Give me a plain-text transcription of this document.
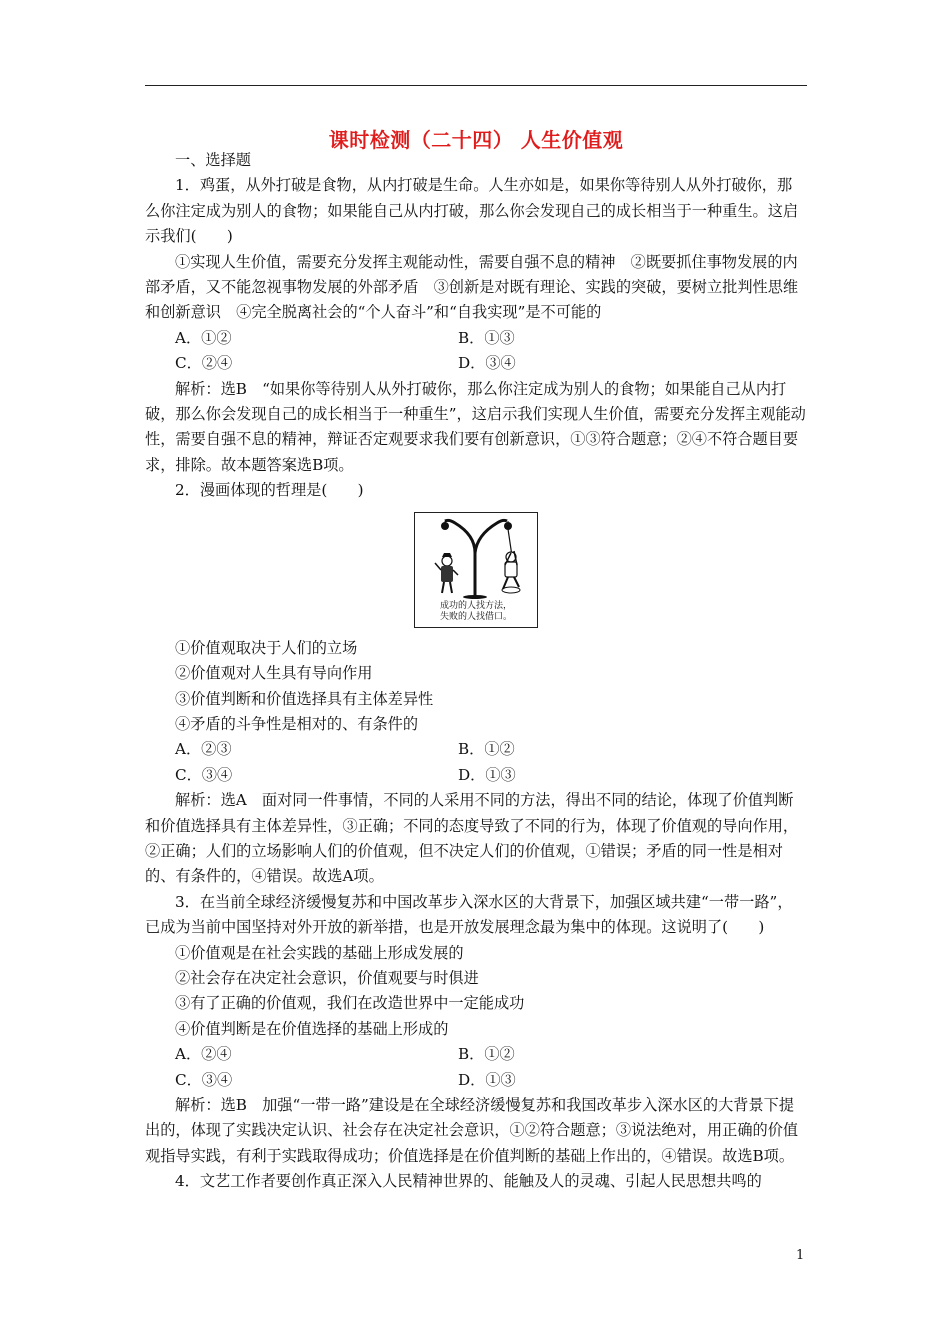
课时检测（二十四） 人生价值观

一、选择题

1．鸡蛋，从外打破是食物，从内打破是生命。人生亦如是，如果你等待别人从外打破你，那么你注定成为别人的食物；如果能自己从内打破，那么你会发现自己的成长相当于一种重生。这启示我们(　　)

①实现人生价值，需要充分发挥主观能动性，需要自强不息的精神　②既要抓住事物发展的内部矛盾，又不能忽视事物发展的外部矛盾　③创新是对既有理论、实践的突破，要树立批判性思维和创新意识　④完全脱离社会的“个人奋斗”和“自我实现”是不可能的

A．①②	B．①③
C．②④	D．③④

解析：选B　“如果你等待别人从外打破你，那么你注定成为别人的食物；如果能自己从内打破，那么你会发现自己的成长相当于一种重生”，这启示我们实现人生价值，需要充分发挥主观能动性，需要自强不息的精神，辩证否定观要求我们要有创新意识，①③符合题意；②④不符合题目要求，排除。故本题答案选B项。

2．漫画体现的哲理是(　　)

成功的人找方法，
失败的人找借口。

①价值观取决于人们的立场

②价值观对人生具有导向作用

③价值判断和价值选择具有主体差异性

④矛盾的斗争性是相对的、有条件的

A．②③	B．①②
C．③④	D．①③

解析：选A　面对同一件事情，不同的人采用不同的方法，得出不同的结论，体现了价值判断和价值选择具有主体差异性，③正确；不同的态度导致了不同的行为，体现了价值观的导向作用，②正确；人们的立场影响人们的价值观，但不决定人们的价值观，①错误；矛盾的同一性是相对的、有条件的，④错误。故选A项。

3．在当前全球经济缓慢复苏和中国改革步入深水区的大背景下，加强区域共建“一带一路”，已成为当前中国坚持对外开放的新举措，也是开放发展理念最为集中的体现。这说明了(　　)

①价值观是在社会实践的基础上形成发展的

②社会存在决定社会意识，价值观要与时俱进

③有了正确的价值观，我们在改造世界中一定能成功

④价值判断是在价值选择的基础上形成的

A．②④	B．①②
C．③④	D．①③

解析：选B　加强“一带一路”建设是在全球经济缓慢复苏和我国改革步入深水区的大背景下提出的，体现了实践决定认识、社会存在决定社会意识，①②符合题意；③说法绝对，用正确的价值观指导实践，有利于实践取得成功；价值选择是在价值判断的基础上作出的，④错误。故选B项。

4．文艺工作者要创作真正深入人民精神世界的、能触及人的灵魂、引起人民思想共鸣的

1
